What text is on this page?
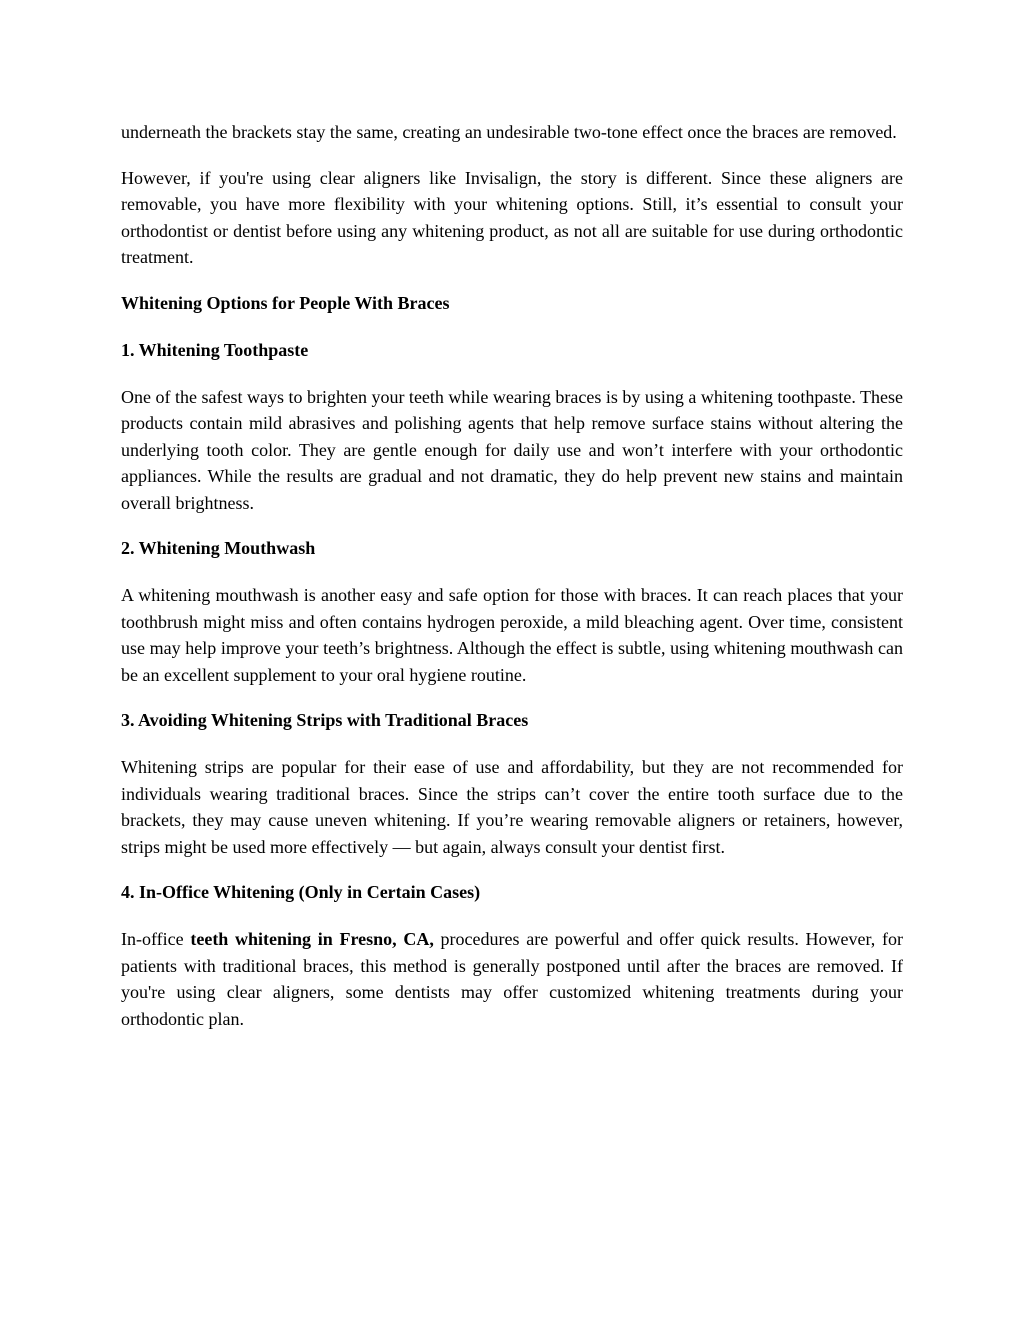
underneath the brackets stay the same, creating an undesirable two-tone effect once the braces are removed.

However, if you're using clear aligners like Invisalign, the story is different. Since these aligners are removable, you have more flexibility with your whitening options. Still, it’s essential to consult your orthodontist or dentist before using any whitening product, as not all are suitable for use during orthodontic treatment.

Whitening Options for People With Braces
1. Whitening Toothpaste

One of the safest ways to brighten your teeth while wearing braces is by using a whitening toothpaste. These products contain mild abrasives and polishing agents that help remove surface stains without altering the underlying tooth color. They are gentle enough for daily use and won’t interfere with your orthodontic appliances. While the results are gradual and not dramatic, they do help prevent new stains and maintain overall brightness.

2. Whitening Mouthwash

A whitening mouthwash is another easy and safe option for those with braces. It can reach places that your toothbrush might miss and often contains hydrogen peroxide, a mild bleaching agent. Over time, consistent use may help improve your teeth’s brightness. Although the effect is subtle, using whitening mouthwash can be an excellent supplement to your oral hygiene routine.

3. Avoiding Whitening Strips with Traditional Braces

Whitening strips are popular for their ease of use and affordability, but they are not recommended for individuals wearing traditional braces. Since the strips can’t cover the entire tooth surface due to the brackets, they may cause uneven whitening. If you’re wearing removable aligners or retainers, however, strips might be used more effectively — but again, always consult your dentist first.

4. In-Office Whitening (Only in Certain Cases)

In-office teeth whitening in Fresno, CA, procedures are powerful and offer quick results. However, for patients with traditional braces, this method is generally postponed until after the braces are removed. If you're using clear aligners, some dentists may offer customized whitening treatments during your orthodontic plan.
